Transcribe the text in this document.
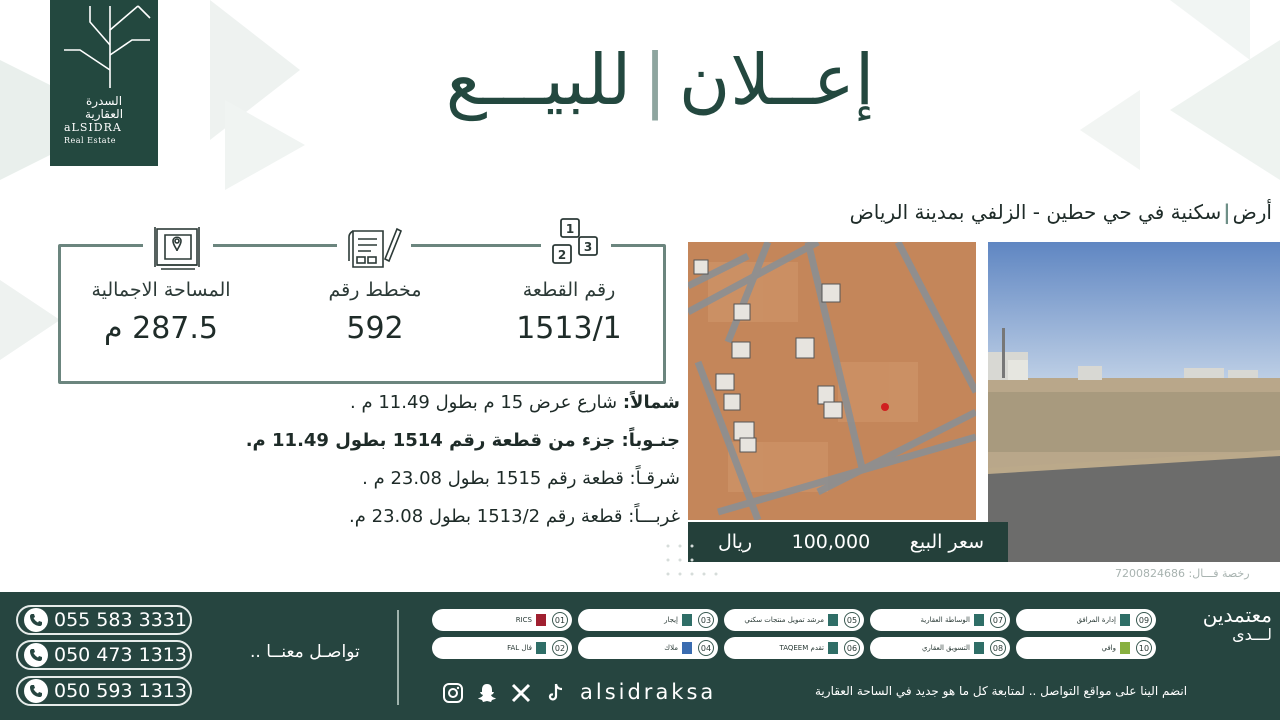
السدرة
العقارية
aLSIDRA
Real Estate
إعــلان|للبيـــع
أرض|سكنية في حي حطين - الزلفي بمدينة الرياض
1
2
3
رقم القطعة
1513/1
مخطط رقم
592
المساحة الاجمالية
287.5 م
شمالاً: شارع عرض 15 م بطول 11.49 م .
جنـوباً: جزء من قطعة رقم 1514 بطول 11.49 م.
شرقـاً: قطعة رقم 1515 بطول 23.08 م .
غربـــاً: قطعة رقم 1513/2 بطول 23.08 م.
سعر البيع
100,000
ريال
رخصة فـــال: 7200824686
055 583 3331
050 473 1313
050 593 1313
تواصـل معنــا ..
09
إدارة المرافق
07
الوساطة العقارية
05
مرشد تمويل منتجات سكني
03
إيجار
01
RICS
10
وافي
08
التسويق العقاري
06
تقدم TAQEEM
04
ملاك
02
فال FAL
معتمدين
لـــدى
alsidraksa	انضم الينا على مواقع التواصل .. لمتابعة كل ما هو جديد في الساحة العقارية
